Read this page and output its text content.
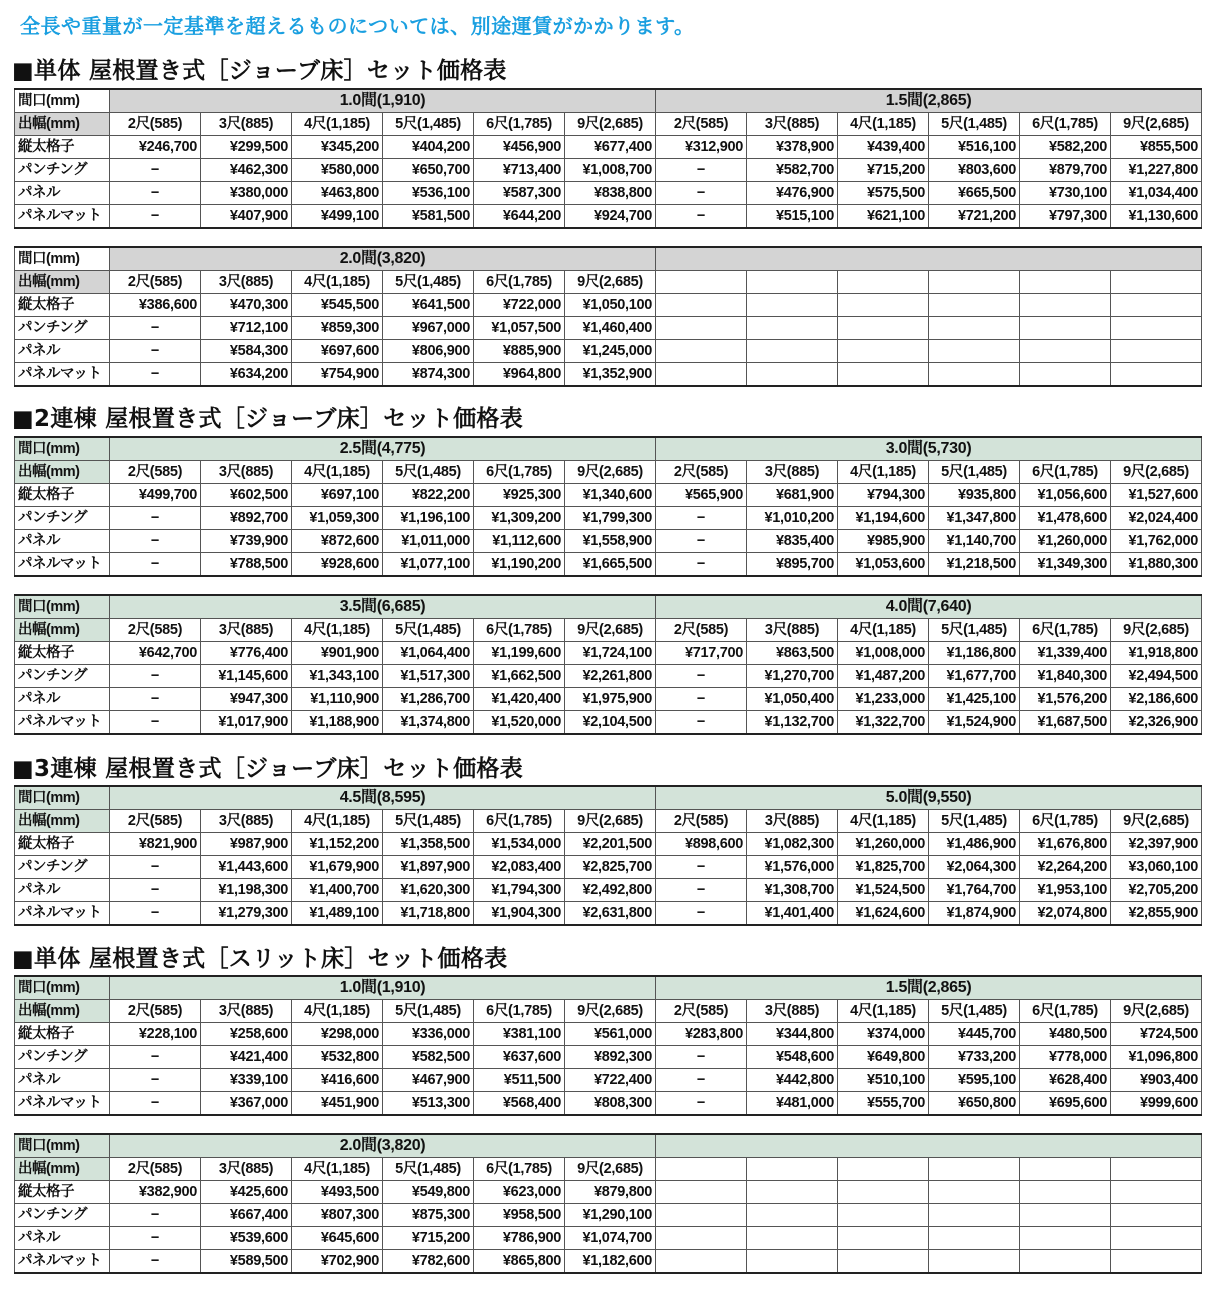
全長や重量が一定基準を超えるものについては、別途運賃がかかります。
■単体 屋根置き式［ジョーブ床］セット価格表
間口(mm)	1.0間(1,910)						1.5間(2,865)					
出幅(mm)	2尺(585)	3尺(885)	4尺(1,185)	5尺(1,485)	6尺(1,785)	9尺(2,685)	2尺(585)	3尺(885)	4尺(1,185)	5尺(1,485)	6尺(1,785)	9尺(2,685)
縦太格子	¥246,700	¥299,500	¥345,200	¥404,200	¥456,900	¥677,400	¥312,900	¥378,900	¥439,400	¥516,100	¥582,200	¥855,500
パンチング	−	¥462,300	¥580,000	¥650,700	¥713,400	¥1,008,700	−	¥582,700	¥715,200	¥803,600	¥879,700	¥1,227,800
パネル	−	¥380,000	¥463,800	¥536,100	¥587,300	¥838,800	−	¥476,900	¥575,500	¥665,500	¥730,100	¥1,034,400
パネルマット	−	¥407,900	¥499,100	¥581,500	¥644,200	¥924,700	−	¥515,100	¥621,100	¥721,200	¥797,300	¥1,130,600
間口(mm)	2.0間(3,820)											
出幅(mm)	2尺(585)	3尺(885)	4尺(1,185)	5尺(1,485)	6尺(1,785)	9尺(2,685)						
縦太格子	¥386,600	¥470,300	¥545,500	¥641,500	¥722,000	¥1,050,100						
パンチング	−	¥712,100	¥859,300	¥967,000	¥1,057,500	¥1,460,400						
パネル	−	¥584,300	¥697,600	¥806,900	¥885,900	¥1,245,000						
パネルマット	−	¥634,200	¥754,900	¥874,300	¥964,800	¥1,352,900						
■2連棟 屋根置き式［ジョーブ床］セット価格表
間口(mm)	2.5間(4,775)						3.0間(5,730)					
出幅(mm)	2尺(585)	3尺(885)	4尺(1,185)	5尺(1,485)	6尺(1,785)	9尺(2,685)	2尺(585)	3尺(885)	4尺(1,185)	5尺(1,485)	6尺(1,785)	9尺(2,685)
縦太格子	¥499,700	¥602,500	¥697,100	¥822,200	¥925,300	¥1,340,600	¥565,900	¥681,900	¥794,300	¥935,800	¥1,056,600	¥1,527,600
パンチング	−	¥892,700	¥1,059,300	¥1,196,100	¥1,309,200	¥1,799,300	−	¥1,010,200	¥1,194,600	¥1,347,800	¥1,478,600	¥2,024,400
パネル	−	¥739,900	¥872,600	¥1,011,000	¥1,112,600	¥1,558,900	−	¥835,400	¥985,900	¥1,140,700	¥1,260,000	¥1,762,000
パネルマット	−	¥788,500	¥928,600	¥1,077,100	¥1,190,200	¥1,665,500	−	¥895,700	¥1,053,600	¥1,218,500	¥1,349,300	¥1,880,300
間口(mm)	3.5間(6,685)						4.0間(7,640)					
出幅(mm)	2尺(585)	3尺(885)	4尺(1,185)	5尺(1,485)	6尺(1,785)	9尺(2,685)	2尺(585)	3尺(885)	4尺(1,185)	5尺(1,485)	6尺(1,785)	9尺(2,685)
縦太格子	¥642,700	¥776,400	¥901,900	¥1,064,400	¥1,199,600	¥1,724,100	¥717,700	¥863,500	¥1,008,000	¥1,186,800	¥1,339,400	¥1,918,800
パンチング	−	¥1,145,600	¥1,343,100	¥1,517,300	¥1,662,500	¥2,261,800	−	¥1,270,700	¥1,487,200	¥1,677,700	¥1,840,300	¥2,494,500
パネル	−	¥947,300	¥1,110,900	¥1,286,700	¥1,420,400	¥1,975,900	−	¥1,050,400	¥1,233,000	¥1,425,100	¥1,576,200	¥2,186,600
パネルマット	−	¥1,017,900	¥1,188,900	¥1,374,800	¥1,520,000	¥2,104,500	−	¥1,132,700	¥1,322,700	¥1,524,900	¥1,687,500	¥2,326,900
■3連棟 屋根置き式［ジョーブ床］セット価格表
間口(mm)	4.5間(8,595)						5.0間(9,550)					
出幅(mm)	2尺(585)	3尺(885)	4尺(1,185)	5尺(1,485)	6尺(1,785)	9尺(2,685)	2尺(585)	3尺(885)	4尺(1,185)	5尺(1,485)	6尺(1,785)	9尺(2,685)
縦太格子	¥821,900	¥987,900	¥1,152,200	¥1,358,500	¥1,534,000	¥2,201,500	¥898,600	¥1,082,300	¥1,260,000	¥1,486,900	¥1,676,800	¥2,397,900
パンチング	−	¥1,443,600	¥1,679,900	¥1,897,900	¥2,083,400	¥2,825,700	−	¥1,576,000	¥1,825,700	¥2,064,300	¥2,264,200	¥3,060,100
パネル	−	¥1,198,300	¥1,400,700	¥1,620,300	¥1,794,300	¥2,492,800	−	¥1,308,700	¥1,524,500	¥1,764,700	¥1,953,100	¥2,705,200
パネルマット	−	¥1,279,300	¥1,489,100	¥1,718,800	¥1,904,300	¥2,631,800	−	¥1,401,400	¥1,624,600	¥1,874,900	¥2,074,800	¥2,855,900
■単体 屋根置き式［スリット床］セット価格表
間口(mm)	1.0間(1,910)						1.5間(2,865)					
出幅(mm)	2尺(585)	3尺(885)	4尺(1,185)	5尺(1,485)	6尺(1,785)	9尺(2,685)	2尺(585)	3尺(885)	4尺(1,185)	5尺(1,485)	6尺(1,785)	9尺(2,685)
縦太格子	¥228,100	¥258,600	¥298,000	¥336,000	¥381,100	¥561,000	¥283,800	¥344,800	¥374,000	¥445,700	¥480,500	¥724,500
パンチング	−	¥421,400	¥532,800	¥582,500	¥637,600	¥892,300	−	¥548,600	¥649,800	¥733,200	¥778,000	¥1,096,800
パネル	−	¥339,100	¥416,600	¥467,900	¥511,500	¥722,400	−	¥442,800	¥510,100	¥595,100	¥628,400	¥903,400
パネルマット	−	¥367,000	¥451,900	¥513,300	¥568,400	¥808,300	−	¥481,000	¥555,700	¥650,800	¥695,600	¥999,600
間口(mm)	2.0間(3,820)											
出幅(mm)	2尺(585)	3尺(885)	4尺(1,185)	5尺(1,485)	6尺(1,785)	9尺(2,685)						
縦太格子	¥382,900	¥425,600	¥493,500	¥549,800	¥623,000	¥879,800						
パンチング	−	¥667,400	¥807,300	¥875,300	¥958,500	¥1,290,100						
パネル	−	¥539,600	¥645,600	¥715,200	¥786,900	¥1,074,700						
パネルマット	−	¥589,500	¥702,900	¥782,600	¥865,800	¥1,182,600						
